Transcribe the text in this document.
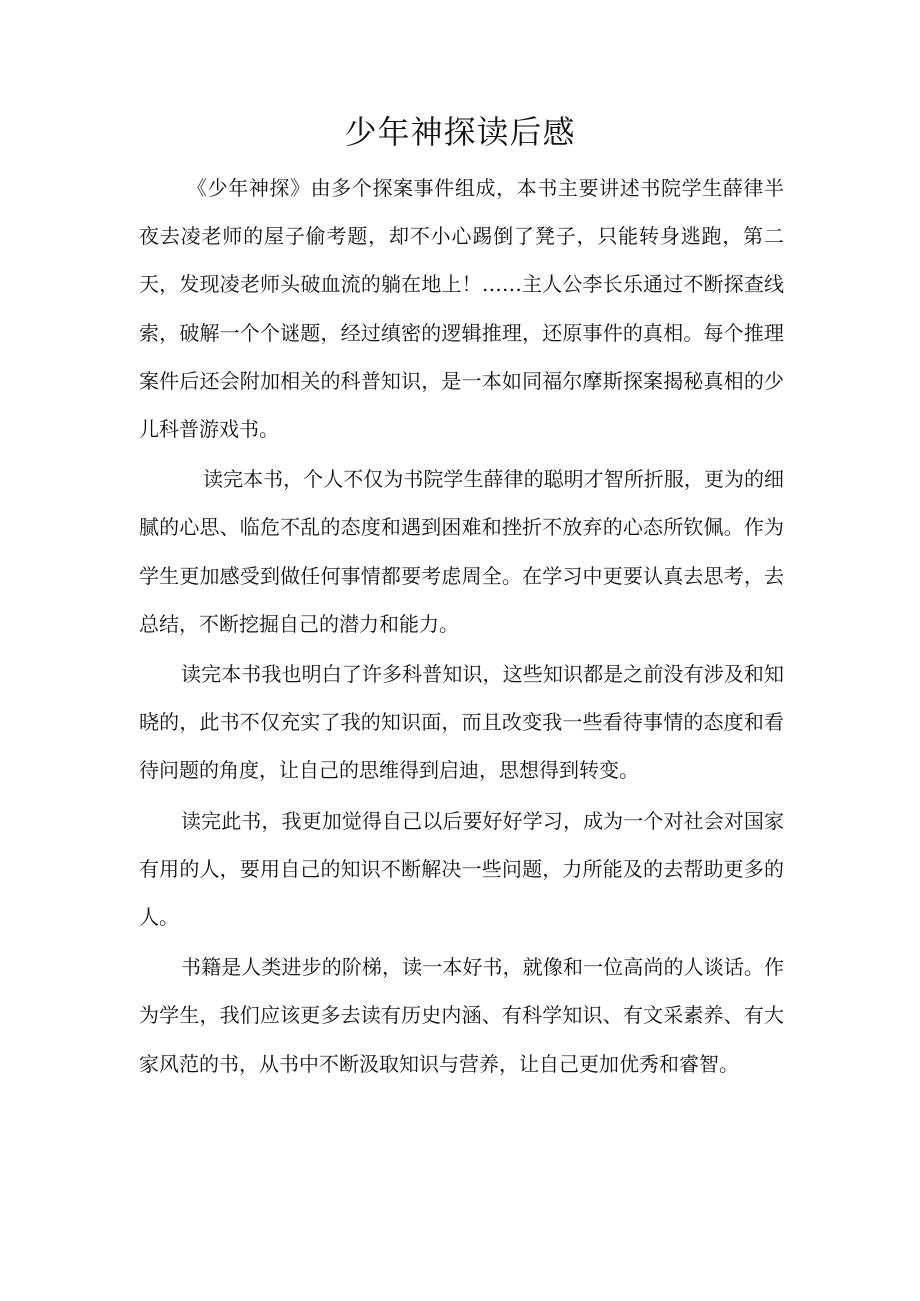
少年神探读后感

《少年神探》由多个探案事件组成，本书主要讲述书院学生薛律半夜去凌老师的屋子偷考题，却不小心踢倒了凳子，只能转身逃跑，第二天，发现凌老师头破血流的躺在地上！……主人公李长乐通过不断探查线索，破解一个个谜题，经过缜密的逻辑推理，还原事件的真相。每个推理案件后还会附加相关的科普知识，是一本如同福尔摩斯探案揭秘真相的少儿科普游戏书。

读完本书，个人不仅为书院学生薛律的聪明才智所折服，更为的细腻的心思、临危不乱的态度和遇到困难和挫折不放弃的心态所钦佩。作为学生更加感受到做任何事情都要考虑周全。在学习中更要认真去思考，去总结，不断挖掘自己的潜力和能力。

读完本书我也明白了许多科普知识，这些知识都是之前没有涉及和知晓的，此书不仅充实了我的知识面，而且改变我一些看待事情的态度和看待问题的角度，让自己的思维得到启迪，思想得到转变。

读完此书，我更加觉得自己以后要好好学习，成为一个对社会对国家有用的人，要用自己的知识不断解决一些问题，力所能及的去帮助更多的人。

书籍是人类进步的阶梯，读一本好书，就像和一位高尚的人谈话。作为学生，我们应该更多去读有历史内涵、有科学知识、有文采素养、有大家风范的书，从书中不断汲取知识与营养，让自己更加优秀和睿智。
